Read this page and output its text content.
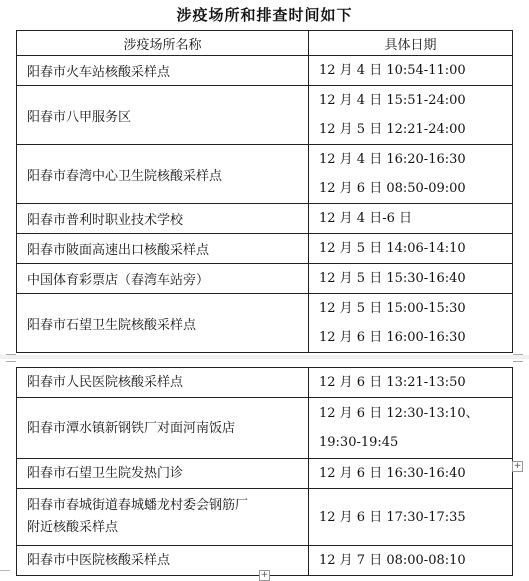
涉疫场所和排查时间如下
涉疫场所名称	具体日期
阳春市火车站核酸采样点	12 月 4 日 10:54-11:00

阳春市八甲服务区	12 月 4 日 15:51-24:00
12 月 5 日 12:21-24:00

阳春市春湾中心卫生院核酸采样点	12 月 4 日 16:20-16:30
12 月 6 日 08:50-09:00

阳春市普利时职业技术学校	12 月 4 日-6 日

阳春市陂面高速出口核酸采样点	12 月 5 日 14:06-14:10

中国体育彩票店（春湾车站旁）	12 月 5 日 15:30-16:40

阳春市石望卫生院核酸采样点	12 月 5 日 15:00-15:30
12 月 6 日 16:00-16:30
阳春市人民医院核酸采样点	12 月 6 日 13:21-13:50

阳春市潭水镇新钢铁厂对面河南饭店	12 月 6 日 12:30-13:10、
19:30-19:45

阳春市石望卫生院发热门诊	12 月 6 日 16:30-16:40

阳春市春城街道春城蟠龙村委会钢筋厂
附近核酸采样点	12 月 6 日 17:30-17:35

阳春市中医院核酸采样点	12 月 7 日 08:00-08:10
+
+
